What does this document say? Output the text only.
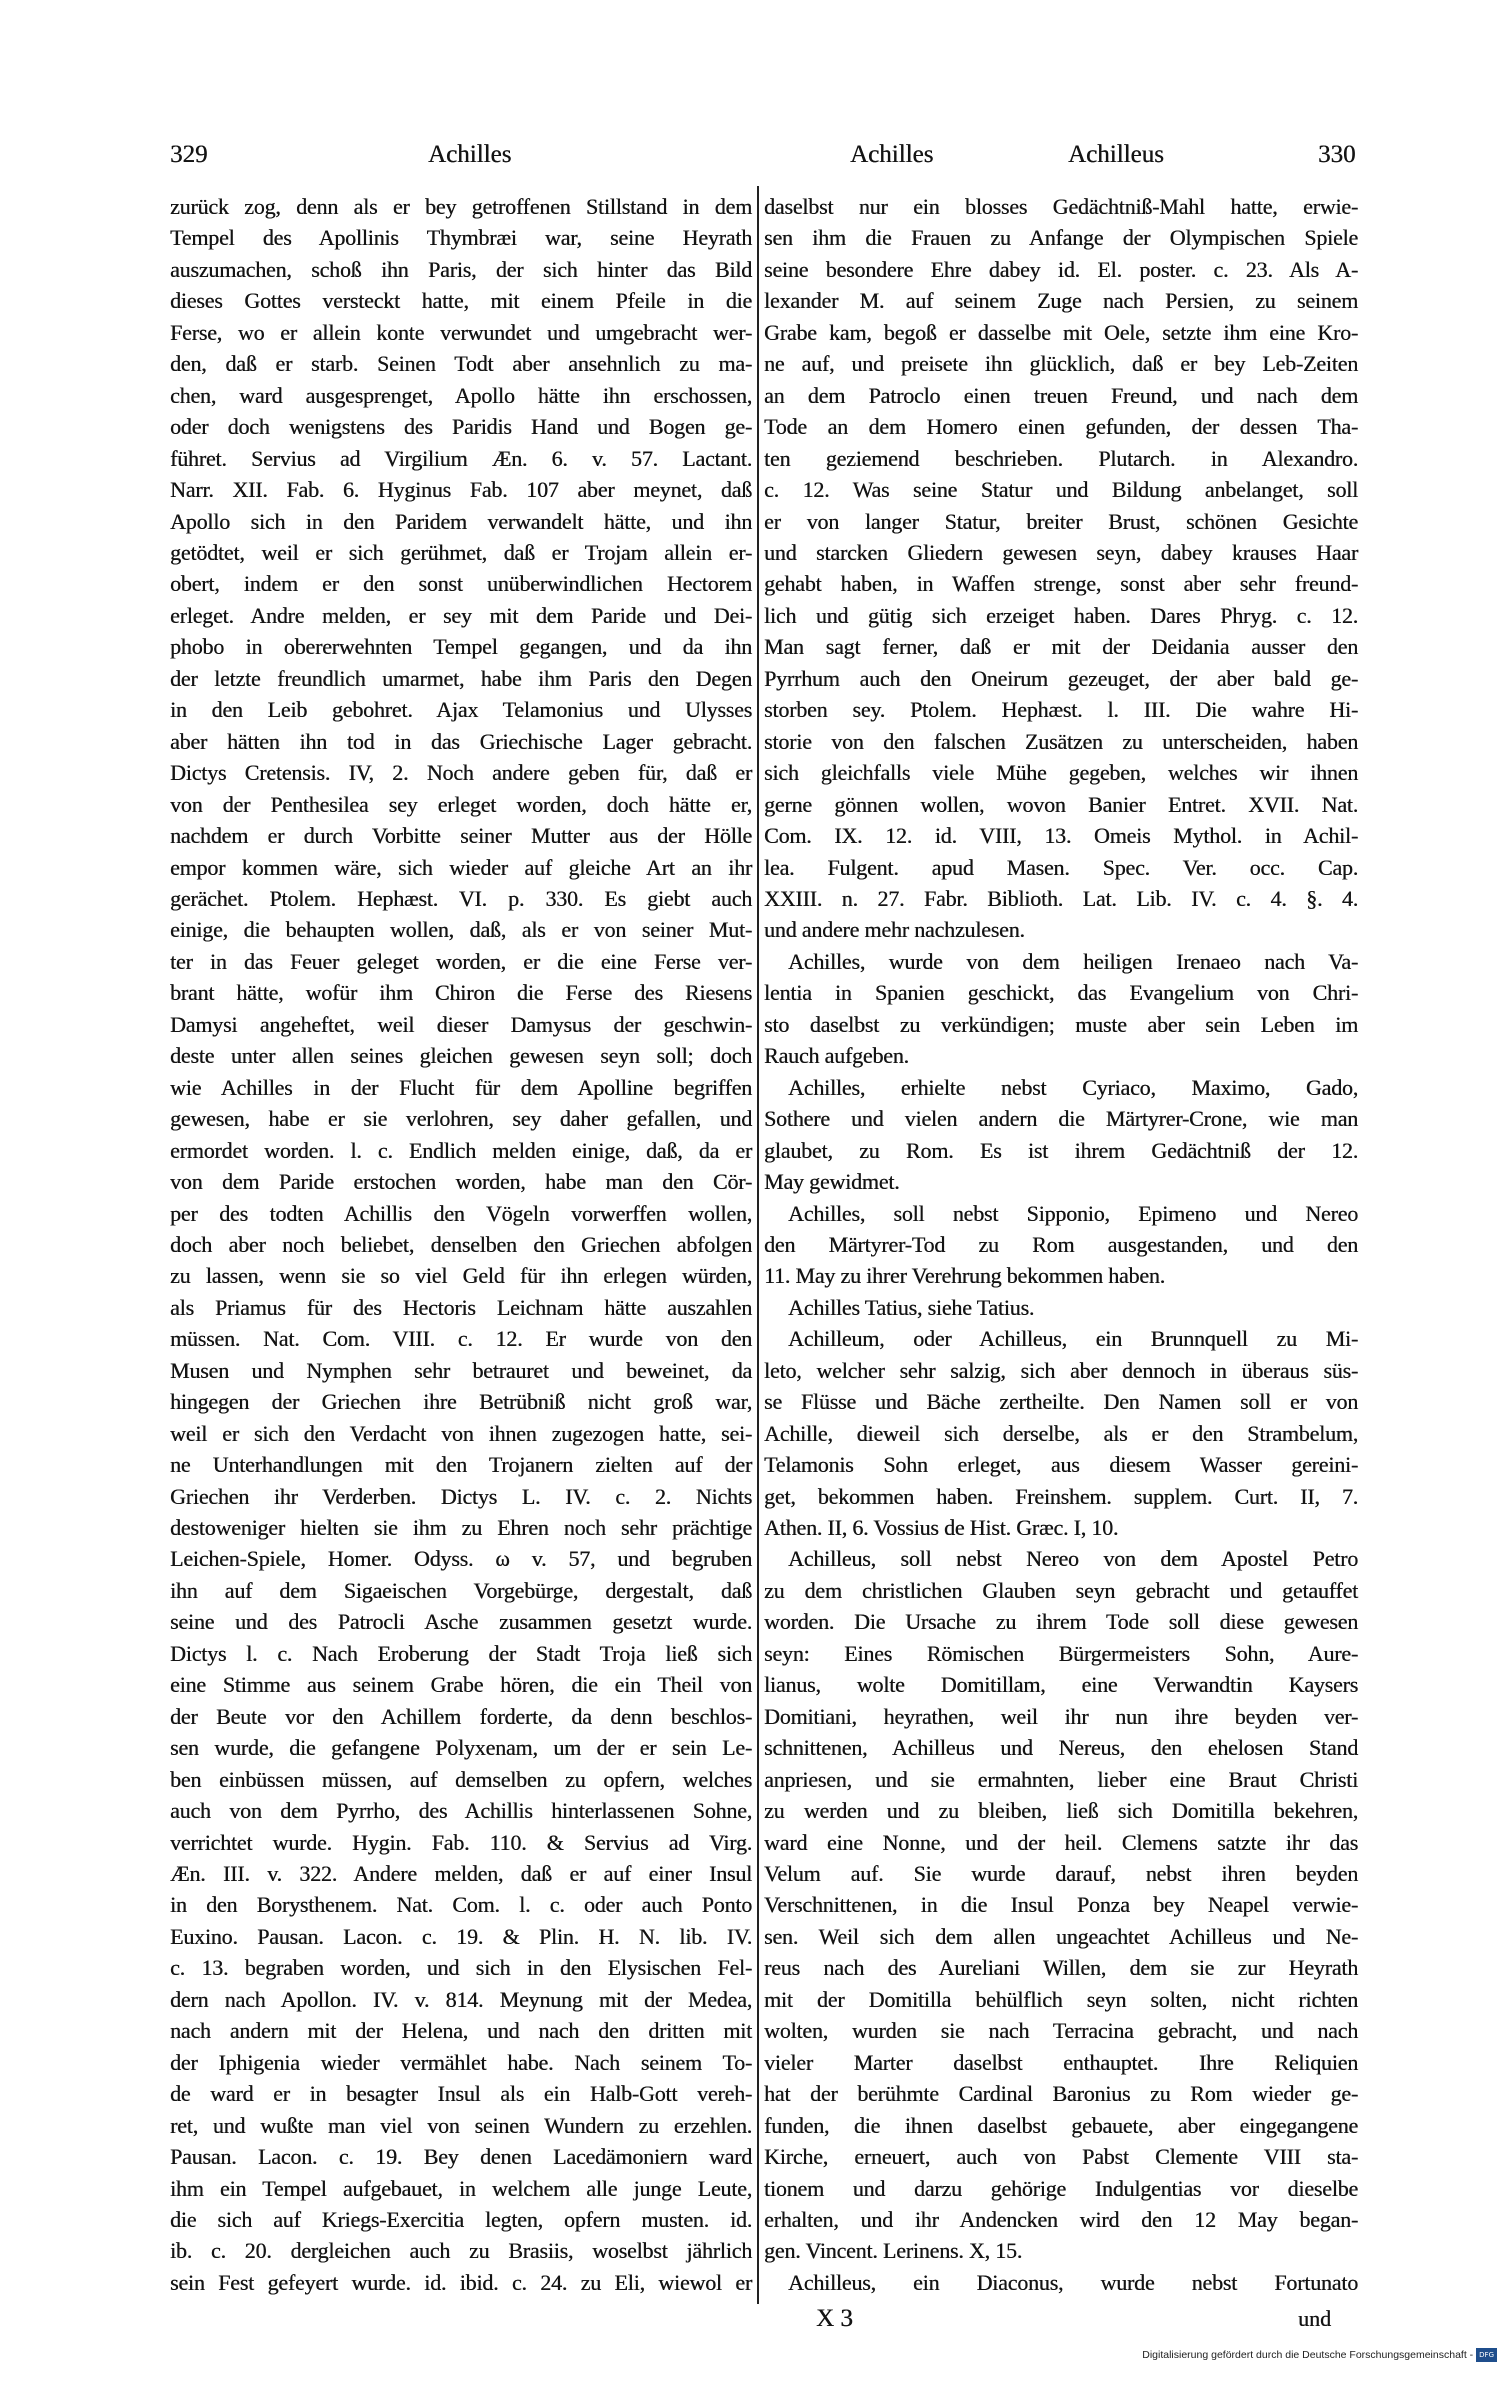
329	Achilles	Achilles	Achilleus	330
zurück zog, denn als er bey getroffenen Stillstand in dem
Tempel des Apollinis Thymbræi war, seine Heyrath
auszumachen, schoß ihn Paris, der sich hinter das Bild
dieses Gottes versteckt hatte, mit einem Pfeile in die
Ferse, wo er allein konte verwundet und umgebracht wer-
den, daß er starb. Seinen Todt aber ansehnlich zu ma-
chen, ward ausgesprenget, Apollo hätte ihn erschossen,
oder doch wenigstens des Paridis Hand und Bogen ge-
führet. Servius ad Virgilium Æn. 6. v. 57. Lactant.
Narr. XII. Fab. 6. Hyginus Fab. 107 aber meynet, daß
Apollo sich in den Paridem verwandelt hätte, und ihn
getödtet, weil er sich gerühmet, daß er Trojam allein er-
obert, indem er den sonst unüberwindlichen Hectorem
erleget. Andre melden, er sey mit dem Paride und Dei-
phobo in obererwehnten Tempel gegangen, und da ihn
der letzte freundlich umarmet, habe ihm Paris den Degen
in den Leib gebohret. Ajax Telamonius und Ulysses
aber hätten ihn tod in das Griechische Lager gebracht.
Dictys Cretensis. IV, 2. Noch andere geben für, daß er
von der Penthesilea sey erleget worden, doch hätte er,
nachdem er durch Vorbitte seiner Mutter aus der Hölle
empor kommen wäre, sich wieder auf gleiche Art an ihr
gerächet. Ptolem. Hephæst. VI. p. 330. Es giebt auch
einige, die behaupten wollen, daß, als er von seiner Mut-
ter in das Feuer geleget worden, er die eine Ferse ver-
brant hätte, wofür ihm Chiron die Ferse des Riesens
Damysi angeheftet, weil dieser Damysus der geschwin-
deste unter allen seines gleichen gewesen seyn soll; doch
wie Achilles in der Flucht für dem Apolline begriffen
gewesen, habe er sie verlohren, sey daher gefallen, und
ermordet worden. l. c. Endlich melden einige, daß, da er
von dem Paride erstochen worden, habe man den Cör-
per des todten Achillis den Vögeln vorwerffen wollen,
doch aber noch beliebet, denselben den Griechen abfolgen
zu lassen, wenn sie so viel Geld für ihn erlegen würden,
als Priamus für des Hectoris Leichnam hätte auszahlen
müssen. Nat. Com. VIII. c. 12. Er wurde von den
Musen und Nymphen sehr betrauret und beweinet, da
hingegen der Griechen ihre Betrübniß nicht groß war,
weil er sich den Verdacht von ihnen zugezogen hatte, sei-
ne Unterhandlungen mit den Trojanern zielten auf der
Griechen ihr Verderben. Dictys L. IV. c. 2. Nichts
destoweniger hielten sie ihm zu Ehren noch sehr prächtige
Leichen-Spiele, Homer. Odyss. ω v. 57, und begruben
ihn auf dem Sigaeischen Vorgebürge, dergestalt, daß
seine und des Patrocli Asche zusammen gesetzt wurde.
Dictys l. c. Nach Eroberung der Stadt Troja ließ sich
eine Stimme aus seinem Grabe hören, die ein Theil von
der Beute vor den Achillem forderte, da denn beschlos-
sen wurde, die gefangene Polyxenam, um der er sein Le-
ben einbüssen müssen, auf demselben zu opfern, welches
auch von dem Pyrrho, des Achillis hinterlassenen Sohne,
verrichtet wurde. Hygin. Fab. 110. & Servius ad Virg.
Æn. III. v. 322. Andere melden, daß er auf einer Insul
in den Borysthenem. Nat. Com. l. c. oder auch Ponto
Euxino. Pausan. Lacon. c. 19. & Plin. H. N. lib. IV.
c. 13. begraben worden, und sich in den Elysischen Fel-
dern nach Apollon. IV. v. 814. Meynung mit der Medea,
nach andern mit der Helena, und nach den dritten mit
der Iphigenia wieder vermählet habe. Nach seinem To-
de ward er in besagter Insul als ein Halb-Gott vereh-
ret, und wußte man viel von seinen Wundern zu erzehlen.
Pausan. Lacon. c. 19. Bey denen Lacedämoniern ward
ihm ein Tempel aufgebauet, in welchem alle junge Leute,
die sich auf Kriegs-Exercitia legten, opfern musten. id.
ib. c. 20. dergleichen auch zu Brasiis, woselbst jährlich
sein Fest gefeyert wurde. id. ibid. c. 24. zu Eli, wiewol er
daselbst nur ein blosses Gedächtniß-Mahl hatte, erwie-
sen ihm die Frauen zu Anfange der Olympischen Spiele
seine besondere Ehre dabey id. El. poster. c. 23. Als A-
lexander M. auf seinem Zuge nach Persien, zu seinem
Grabe kam, begoß er dasselbe mit Oele, setzte ihm eine Kro-
ne auf, und preisete ihn glücklich, daß er bey Leb-Zeiten
an dem Patroclo einen treuen Freund, und nach dem
Tode an dem Homero einen gefunden, der dessen Tha-
ten geziemend beschrieben. Plutarch. in Alexandro.
c. 12. Was seine Statur und Bildung anbelanget, soll
er von langer Statur, breiter Brust, schönen Gesichte
und starcken Gliedern gewesen seyn, dabey krauses Haar
gehabt haben, in Waffen strenge, sonst aber sehr freund-
lich und gütig sich erzeiget haben. Dares Phryg. c. 12.
Man sagt ferner, daß er mit der Deidania ausser den
Pyrrhum auch den Oneirum gezeuget, der aber bald ge-
storben sey. Ptolem. Hephæst. l. III. Die wahre Hi-
storie von den falschen Zusätzen zu unterscheiden, haben
sich gleichfalls viele Mühe gegeben, welches wir ihnen
gerne gönnen wollen, wovon Banier Entret. XVII. Nat.
Com. IX. 12. id. VIII, 13. Omeis Mythol. in Achil-
lea. Fulgent. apud Masen. Spec. Ver. occ. Cap.
XXIII. n. 27. Fabr. Biblioth. Lat. Lib. IV. c. 4. §. 4.
und andere mehr nachzulesen.
Achilles, wurde von dem heiligen Irenaeo nach Va-
lentia in Spanien geschickt, das Evangelium von Chri-
sto daselbst zu verkündigen; muste aber sein Leben im
Rauch aufgeben.
Achilles, erhielte nebst Cyriaco, Maximo, Gado,
Sothere und vielen andern die Märtyrer-Crone, wie man
glaubet, zu Rom. Es ist ihrem Gedächtniß der 12.
May gewidmet.
Achilles, soll nebst Sipponio, Epimeno und Nereo
den Märtyrer-Tod zu Rom ausgestanden, und den
11. May zu ihrer Verehrung bekommen haben.
Achilles Tatius, siehe Tatius.
Achilleum, oder Achilleus, ein Brunnquell zu Mi-
leto, welcher sehr salzig, sich aber dennoch in überaus süs-
se Flüsse und Bäche zertheilte. Den Namen soll er von
Achille, dieweil sich derselbe, als er den Strambelum,
Telamonis Sohn erleget, aus diesem Wasser gereini-
get, bekommen haben. Freinshem. supplem. Curt. II, 7.
Athen. II, 6. Vossius de Hist. Græc. I, 10.
Achilleus, soll nebst Nereo von dem Apostel Petro
zu dem christlichen Glauben seyn gebracht und getauffet
worden. Die Ursache zu ihrem Tode soll diese gewesen
seyn: Eines Römischen Bürgermeisters Sohn, Aure-
lianus, wolte Domitillam, eine Verwandtin Kaysers
Domitiani, heyrathen, weil ihr nun ihre beyden ver-
schnittenen, Achilleus und Nereus, den ehelosen Stand
anpriesen, und sie ermahnten, lieber eine Braut Christi
zu werden und zu bleiben, ließ sich Domitilla bekehren,
ward eine Nonne, und der heil. Clemens satzte ihr das
Velum auf. Sie wurde darauf, nebst ihren beyden
Verschnittenen, in die Insul Ponza bey Neapel verwie-
sen. Weil sich dem allen ungeachtet Achilleus und Ne-
reus nach des Aureliani Willen, dem sie zur Heyrath
mit der Domitilla behülflich seyn solten, nicht richten
wolten, wurden sie nach Terracina gebracht, und nach
vieler Marter daselbst enthauptet. Ihre Reliquien
hat der berühmte Cardinal Baronius zu Rom wieder ge-
funden, die ihnen daselbst gebauete, aber eingegangene
Kirche, erneuert, auch von Pabst Clemente VIII sta-
tionem und darzu gehörige Indulgentias vor dieselbe
erhalten, und ihr Andencken wird den 12 May began-
gen. Vincent. Lerinens. X, 15.
Achilleus, ein Diaconus, wurde nebst Fortunato
X 3	und
Digitalisierung gefördert durch die Deutsche Forschungsgemeinschaft - DFG
